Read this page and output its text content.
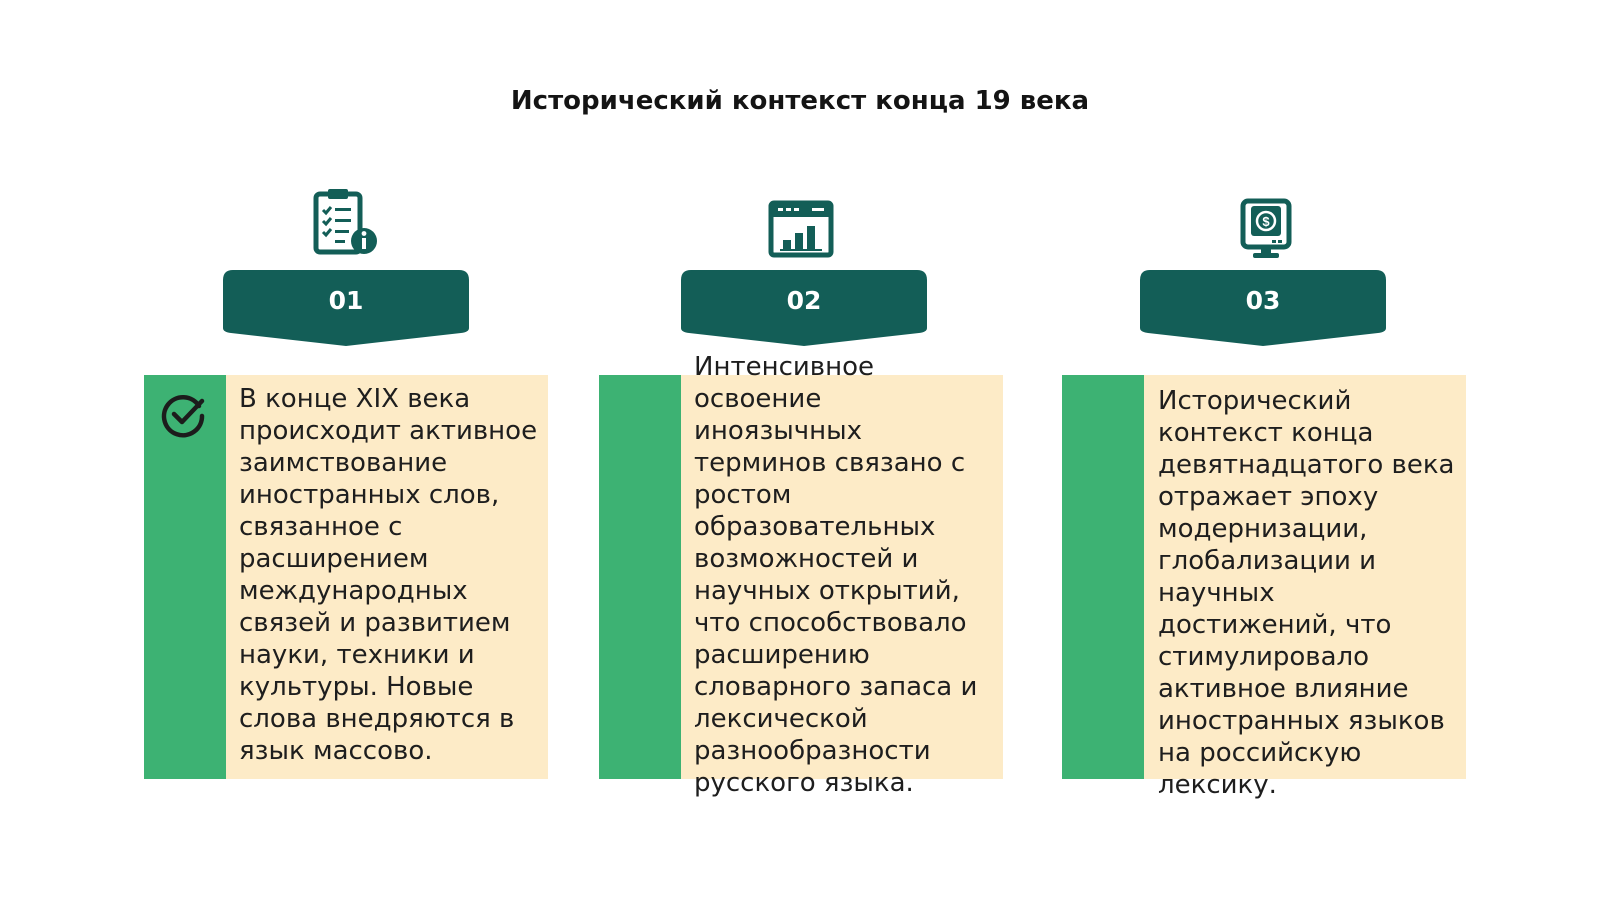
Исторический контекст конца 19 века
$
01	02	03

В конце XIX века происходит активное заимствование иностранных слов, связанное с расширением международных связей и развитием науки, техники и культуры. Новые слова внедряются в язык массово.

Интенсивное освоение иноязычных терминов связано с ростом образовательных возможностей и научных открытий, что способствовало расширению словарного запаса и лексической разнообразности русского языка.

Исторический контекст конца девятнадцатого века отражает эпоху модернизации, глобализации и научных достижений, что стимулировало активное влияние иностранных языков на российскую лексику.
